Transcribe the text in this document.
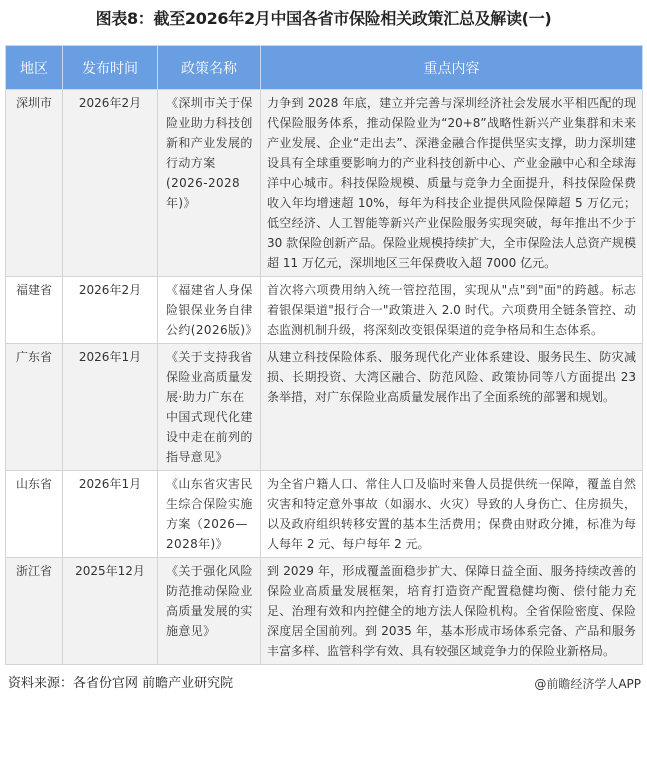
图表8：截至2026年2月中国各省市保险相关政策汇总及解读(一)
地区	发布时间	政策名称	重点内容
深圳市	2026年2月	《深圳市关于保险业助力科技创新和产业发展的行动方案(2026-2028年)》	力争到 2028 年底，建立并完善与深圳经济社会发展水平相匹配的现代保险服务体系，推动保险业为“20+8”战略性新兴产业集群和未来产业发展、企业“走出去”、深港金融合作提供坚实支撑，助力深圳建设具有全球重要影响力的产业科技创新中心、产业金融中心和全球海洋中心城市。科技保险规模、质量与竞争力全面提升，科技保险保费收入年均增速超 10%，每年为科技企业提供风险保障超 5 万亿元；低空经济、人工智能等新兴产业保险服务实现突破，每年推出不少于 30 款保险创新产品。保险业规模持续扩大，全市保险法人总资产规模超 11 万亿元，深圳地区三年保费收入超 7000 亿元。
福建省	2026年2月	《福建省人身保险银保业务自律公约(2026版)》	首次将六项费用纳入统一管控范围，实现从"点"到"面"的跨越。标志着银保渠道"报行合一"政策进入 2.0 时代。六项费用全链条管控、动态监测机制升级，将深刻改变银保渠道的竞争格局和生态体系。
广东省	2026年1月	《关于支持我省保险业高质量发展·助力广东在中国式现代化建设中走在前列的指导意见》	从建立科技保险体系、服务现代化产业体系建设、服务民生、防灾减损、长期投资、大湾区融合、防范风险、政策协同等八方面提出 23 条举措，对广东保险业高质量发展作出了全面系统的部署和规划。
山东省	2026年1月	《山东省灾害民生综合保险实施方案（2026—2028年)》	为全省户籍人口、常住人口及临时来鲁人员提供统一保障，覆盖自然灾害和特定意外事故（如溺水、火灾）导致的人身伤亡、住房损失，以及政府组织转移安置的基本生活费用；保费由财政分摊，标准为每人每年 2 元、每户每年 2 元。
浙江省	2025年12月	《关于强化风险防范推动保险业高质量发展的实施意见》	到 2029 年，形成覆盖面稳步扩大、保障日益全面、服务持续改善的保险业高质量发展框架，培育打造资产配置稳健均衡、偿付能力充足、治理有效和内控健全的地方法人保险机构。全省保险密度、保险深度居全国前列。到 2035 年，基本形成市场体系完备、产品和服务丰富多样、监管科学有效、具有较强区域竞争力的保险业新格局。
资料来源：各省份官网 前瞻产业研究院	@前瞻经济学人APP
